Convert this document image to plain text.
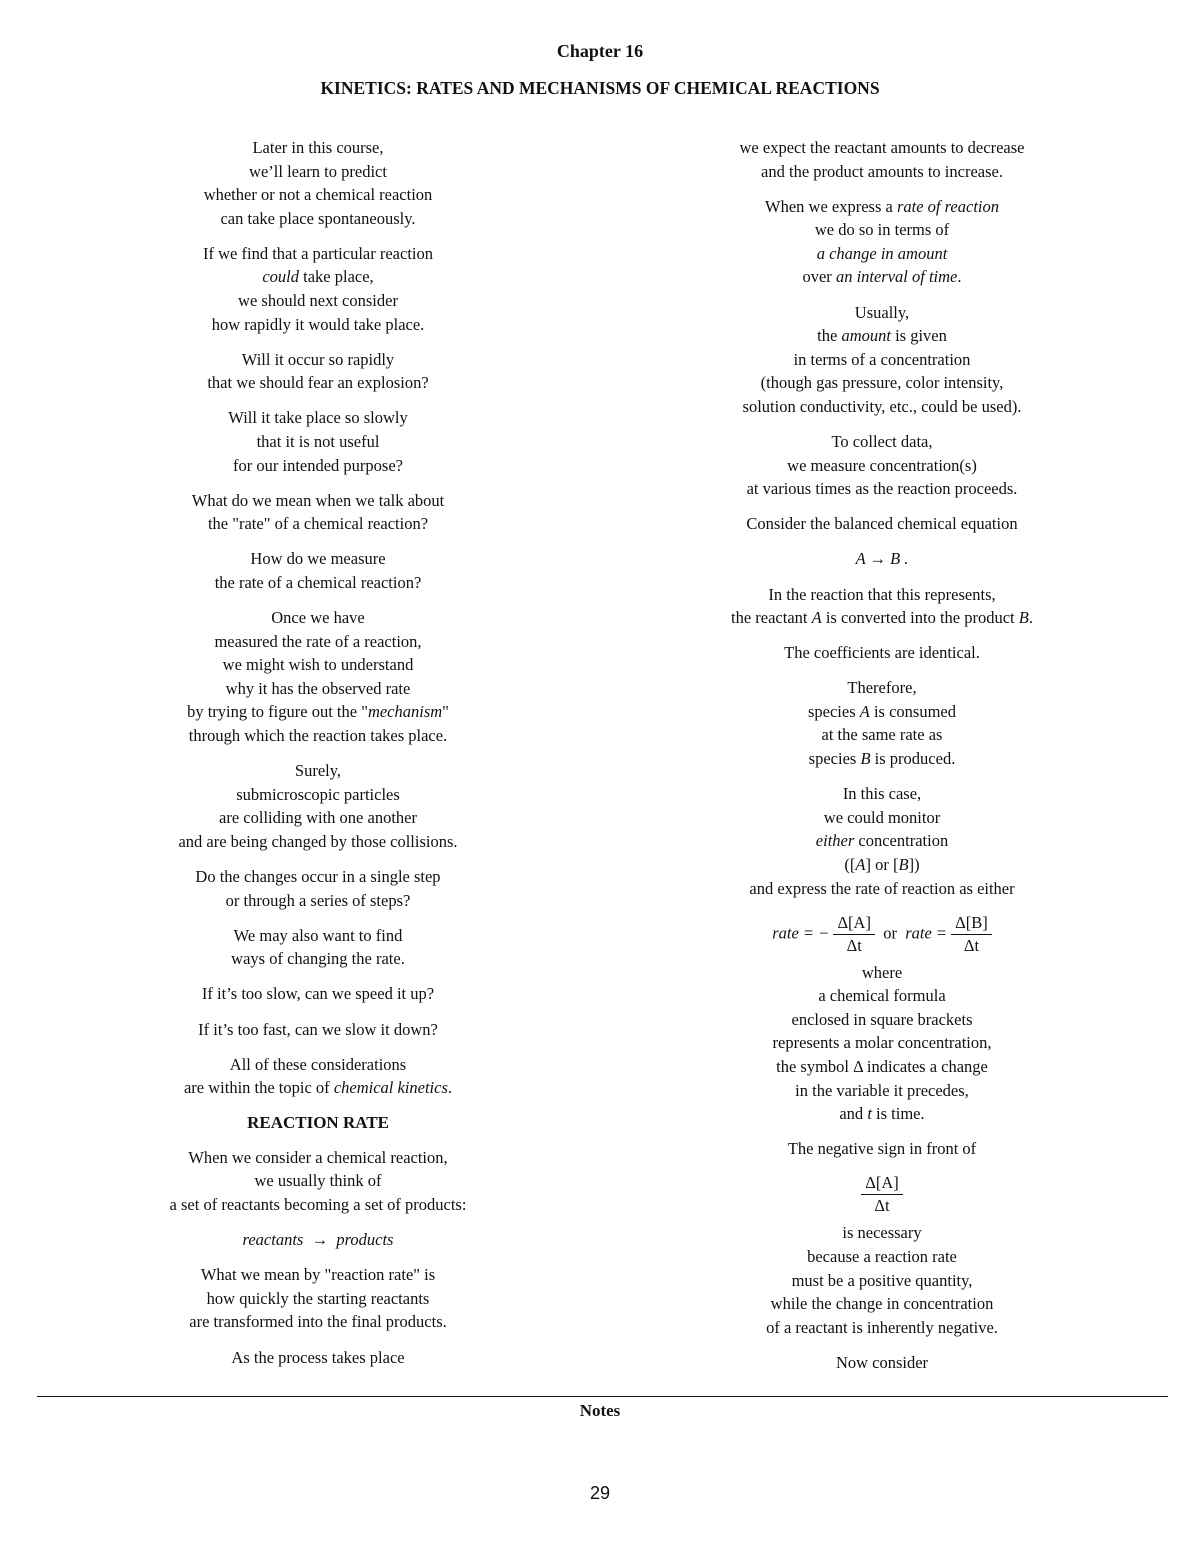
Chapter 16
KINETICS: RATES AND MECHANISMS OF CHEMICAL REACTIONS
Later in this course,
we’ll learn to predict
whether or not a chemical reaction
can take place spontaneously.
If we find that a particular reaction
could take place,
we should next consider
how rapidly it would take place.
Will it occur so rapidly
that we should fear an explosion?
Will it take place so slowly
that it is not useful
for our intended purpose?
What do we mean when we talk about
the "rate" of a chemical reaction?
How do we measure
the rate of a chemical reaction?
Once we have
measured the rate of a reaction,
we might wish to understand
why it has the observed rate
by trying to figure out the "mechanism"
through which the reaction takes place.
Surely,
submicroscopic particles
are colliding with one another
and are being changed by those collisions.
Do the changes occur in a single step
or through a series of steps?
We may also want to find
ways of changing the rate.
If it’s too slow, can we speed it up?
If it’s too fast, can we slow it down?
All of these considerations
are within the topic of chemical kinetics.
REACTION RATE
When we consider a chemical reaction,
we usually think of
a set of reactants becoming a set of products:
reactants  →  products
What we mean by "reaction rate" is
how quickly the starting reactants
are transformed into the final products.
As the process takes place
we expect the reactant amounts to decrease
and the product amounts to increase.
When we express a rate of reaction
we do so in terms of
a change in amount
over an interval of time.
Usually,
the amount is given
in terms of a concentration
(though gas pressure, color intensity,
solution conductivity, etc., could be used).
To collect data,
we measure concentration(s)
at various times as the reaction proceeds.
Consider the balanced chemical equation
A → B .
In the reaction that this represents,
the reactant A is converted into the product B.
The coefficients are identical.
Therefore,
species A is consumed
at the same rate as
species B is produced.
In this case,
we could monitor
either concentration
([A] or [B])
and express the rate of reaction as either
rate = − $\frac{\Delta[A]}{\Delta t}$ or  rate = $\frac{\Delta[B]}{\Delta t}$
where
a chemical formula
enclosed in square brackets
represents a molar concentration,
the symbol Δ indicates a change
in the variable it precedes,
and t is time.
The negative sign in front of
$\frac{\Delta[A]}{\Delta t}$
is necessary
because a reaction rate
must be a positive quantity,
while the change in concentration
of a reactant is inherently negative.
Now consider
Notes
29
